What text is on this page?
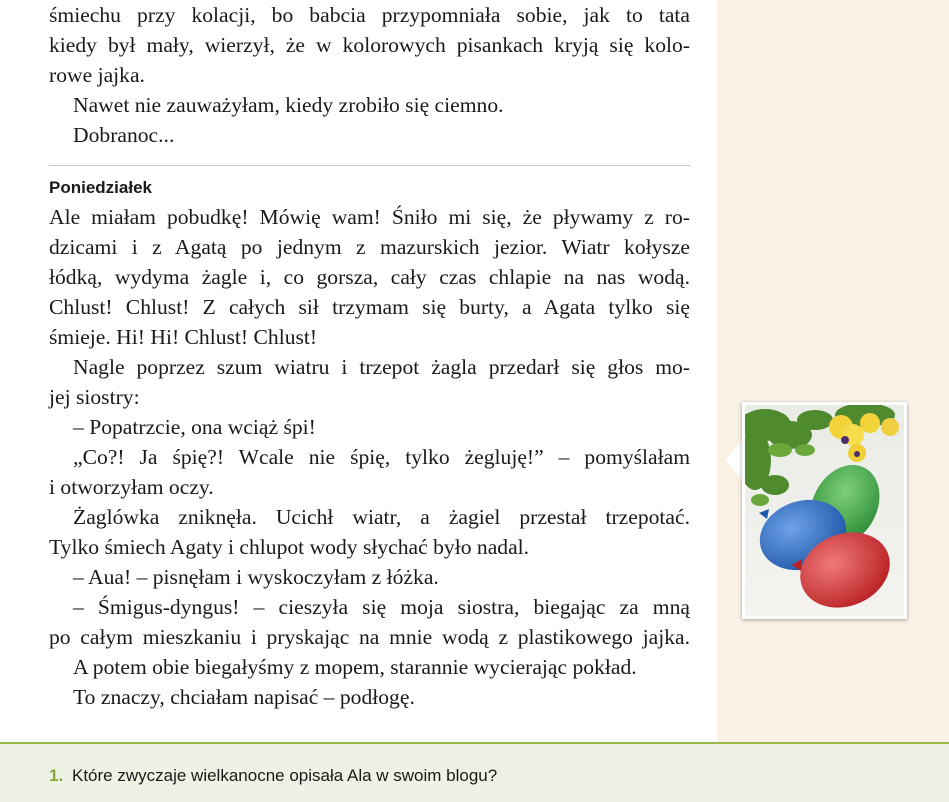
śmiechu przy kolacji, bo babcia przypomniała sobie, jak to tata
kiedy był mały, wierzył, że w kolorowych pisankach kryją się kolo-
rowe jajka.
Nawet nie zauważyłam, kiedy zrobiło się ciemno.
Dobranoc...
Poniedziałek
Ale miałam pobudkę! Mówię wam! Śniło mi się, że pływamy z ro-
dzicami i z Agatą po jednym z mazurskich jezior. Wiatr kołysze
łódką, wydyma żagle i, co gorsza, cały czas chlapie na nas wodą.
Chlust! Chlust! Z całych sił trzymam się burty, a Agata tylko się
śmieje. Hi! Hi! Chlust! Chlust!
Nagle poprzez szum wiatru i trzepot żagla przedarł się głos mo-
jej siostry:
– Popatrzcie, ona wciąż śpi!
„Co?! Ja śpię?! Wcale nie śpię, tylko żegluję!” – pomyślałam
i otworzyłam oczy.
Żaglówka zniknęła. Ucichł wiatr, a żagiel przestał trzepotać.
Tylko śmiech Agaty i chlupot wody słychać było nadal.
– Aua! – pisnęłam i wyskoczyłam z łóżka.
– Śmigus-dyngus! – cieszyła się moja siostra, biegając za mną
po całym mieszkaniu i pryskając na mnie wodą z plastikowego jajka.
A potem obie biegałyśmy z mopem, starannie wycierając pokład.
To znaczy, chciałam napisać – podłogę.
1. Które zwyczaje wielkanocne opisała Ala w swoim blogu?
